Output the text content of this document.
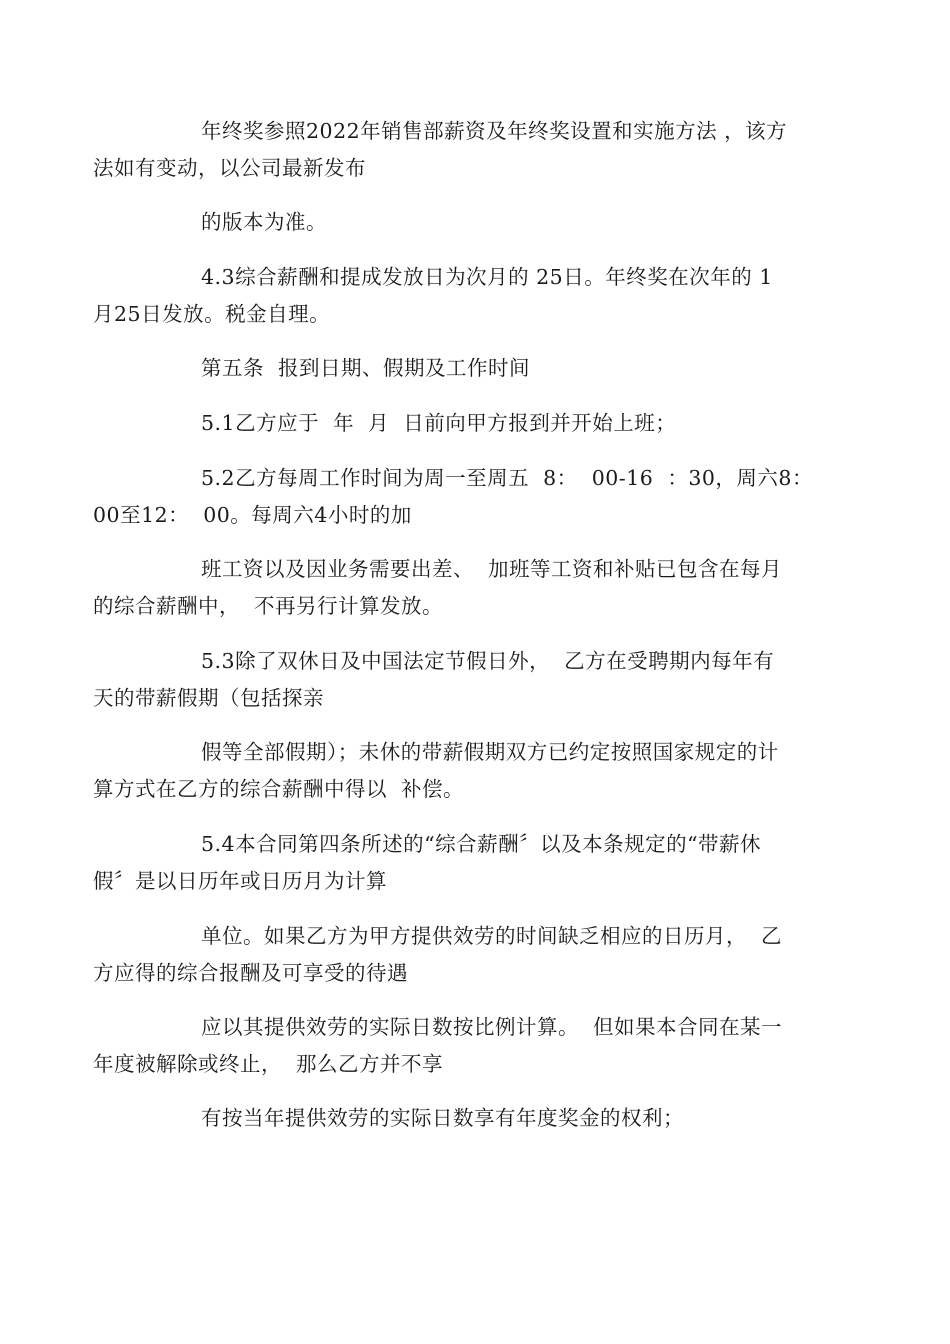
年终奖参照2022年销售部薪资及年终奖设置和实施方法 ，该方
法如有变动，以公司最新发布
的版本为准。
4.3综合薪酬和提成发放日为次月的 25日。年终奖在次年的 1
月25日发放。税金自理。
第五条  报到日期、假期及工作时间
5.1乙方应于  年  月  日前向甲方报到并开始上班；
5.2乙方每周工作时间为周一至周五  8：  00-16  ：30，周六8：
00至12：  00。每周六4小时的加
班工资以及因业务需要出差、  加班等工资和补贴已包含在每月
的综合薪酬中，  不再另行计算发放。
5.3除了双休日及中国法定节假日外，  乙方在受聘期内每年有
天的带薪假期（包括探亲
假等全部假期）；未休的带薪假期双方已约定按照国家规定的计
算方式在乙方的综合薪酬中得以  补偿。
5.4本合同第四条所述的“综合薪酬〞以及本条规定的“带薪休
假〞是以日历年或日历月为计算
单位。如果乙方为甲方提供效劳的时间缺乏相应的日历月，  乙
方应得的综合报酬及可享受的待遇
应以其提供效劳的实际日数按比例计算。  但如果本合同在某一
年度被解除或终止，  那么乙方并不享
有按当年提供效劳的实际日数享有年度奖金的权利；
